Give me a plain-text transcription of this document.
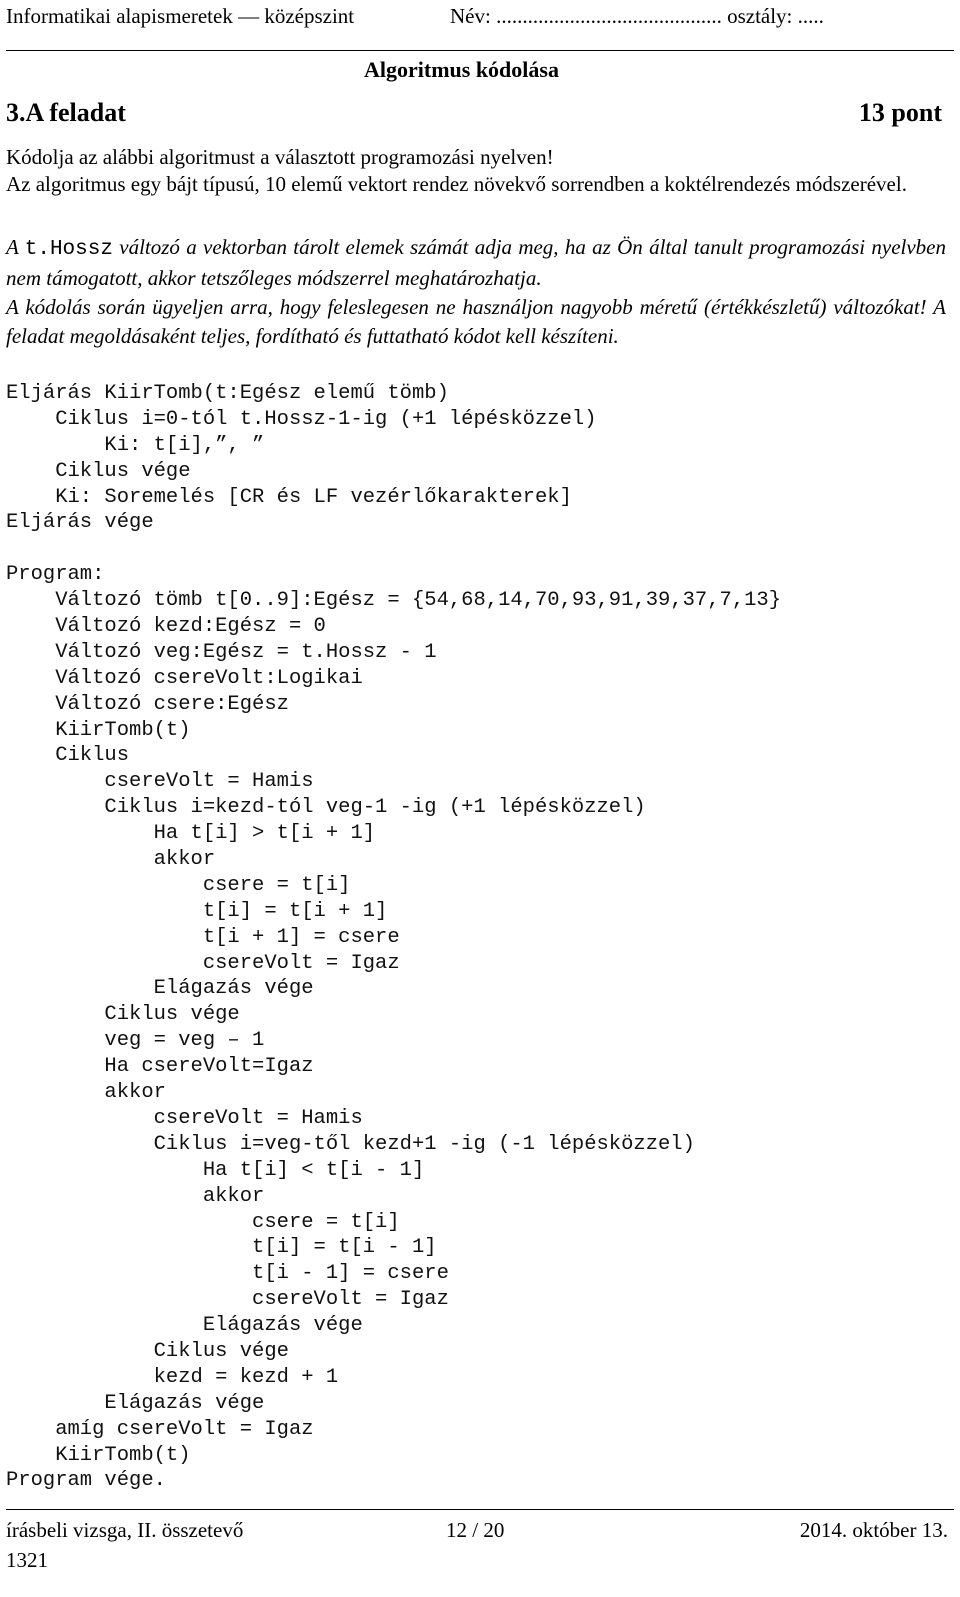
Informatikai alapismeretek — középszint	Név: ........................................... osztály: .....
Algoritmus kódolása
3.A feladat	13 pont

Kódolja az alábbi algoritmust a választott programozási nyelven!

Az algoritmus egy bájt típusú, 10 elemű vektort rendez növekvő sorrendben a koktélrendezés módszerével.

A t.Hossz változó a vektorban tárolt elemek számát adja meg, ha az Ön által tanult programozási nyelvben nem támogatott, akkor tetszőleges módszerrel meghatározhatja.

A kódolás során ügyeljen arra, hogy feleslegesen ne használjon nagyobb méretű (értékkészletű) változókat! A feladat megoldásaként teljes, fordítható és futtatható kódot kell készíteni.

Eljárás KiirTomb(t:Egész elemű tömb)
Ciklus i=0-tól t.Hossz-1-ig (+1 lépésközzel)
Ki: t[i],”, ”
Ciklus vége
Ki: Soremelés [CR és LF vezérlőkarakterek]
Eljárás vége
Program:
Változó tömb t[0..9]:Egész = {54,68,14,70,93,91,39,37,7,13}
Változó kezd:Egész = 0
Változó veg:Egész = t.Hossz - 1
Változó csereVolt:Logikai
Változó csere:Egész
KiirTomb(t)
Ciklus
csereVolt = Hamis
Ciklus i=kezd-tól veg-1 -ig (+1 lépésközzel)
Ha t[i] > t[i + 1]
akkor
csere = t[i]
t[i] = t[i + 1]
t[i + 1] = csere
csereVolt = Igaz
Elágazás vége
Ciklus vége
veg = veg – 1
Ha csereVolt=Igaz
akkor
csereVolt = Hamis
Ciklus i=veg-től kezd+1 -ig (-1 lépésközzel)
Ha t[i] < t[i - 1]
akkor
csere = t[i]
t[i] = t[i - 1]
t[i - 1] = csere
csereVolt = Igaz
Elágazás vége
Ciklus vége
kezd = kezd + 1
Elágazás vége
amíg csereVolt = Igaz
KiirTomb(t)
Program vége.
írásbeli vizsga, II. összetevő	12 / 20	2014. október 13.
1321
